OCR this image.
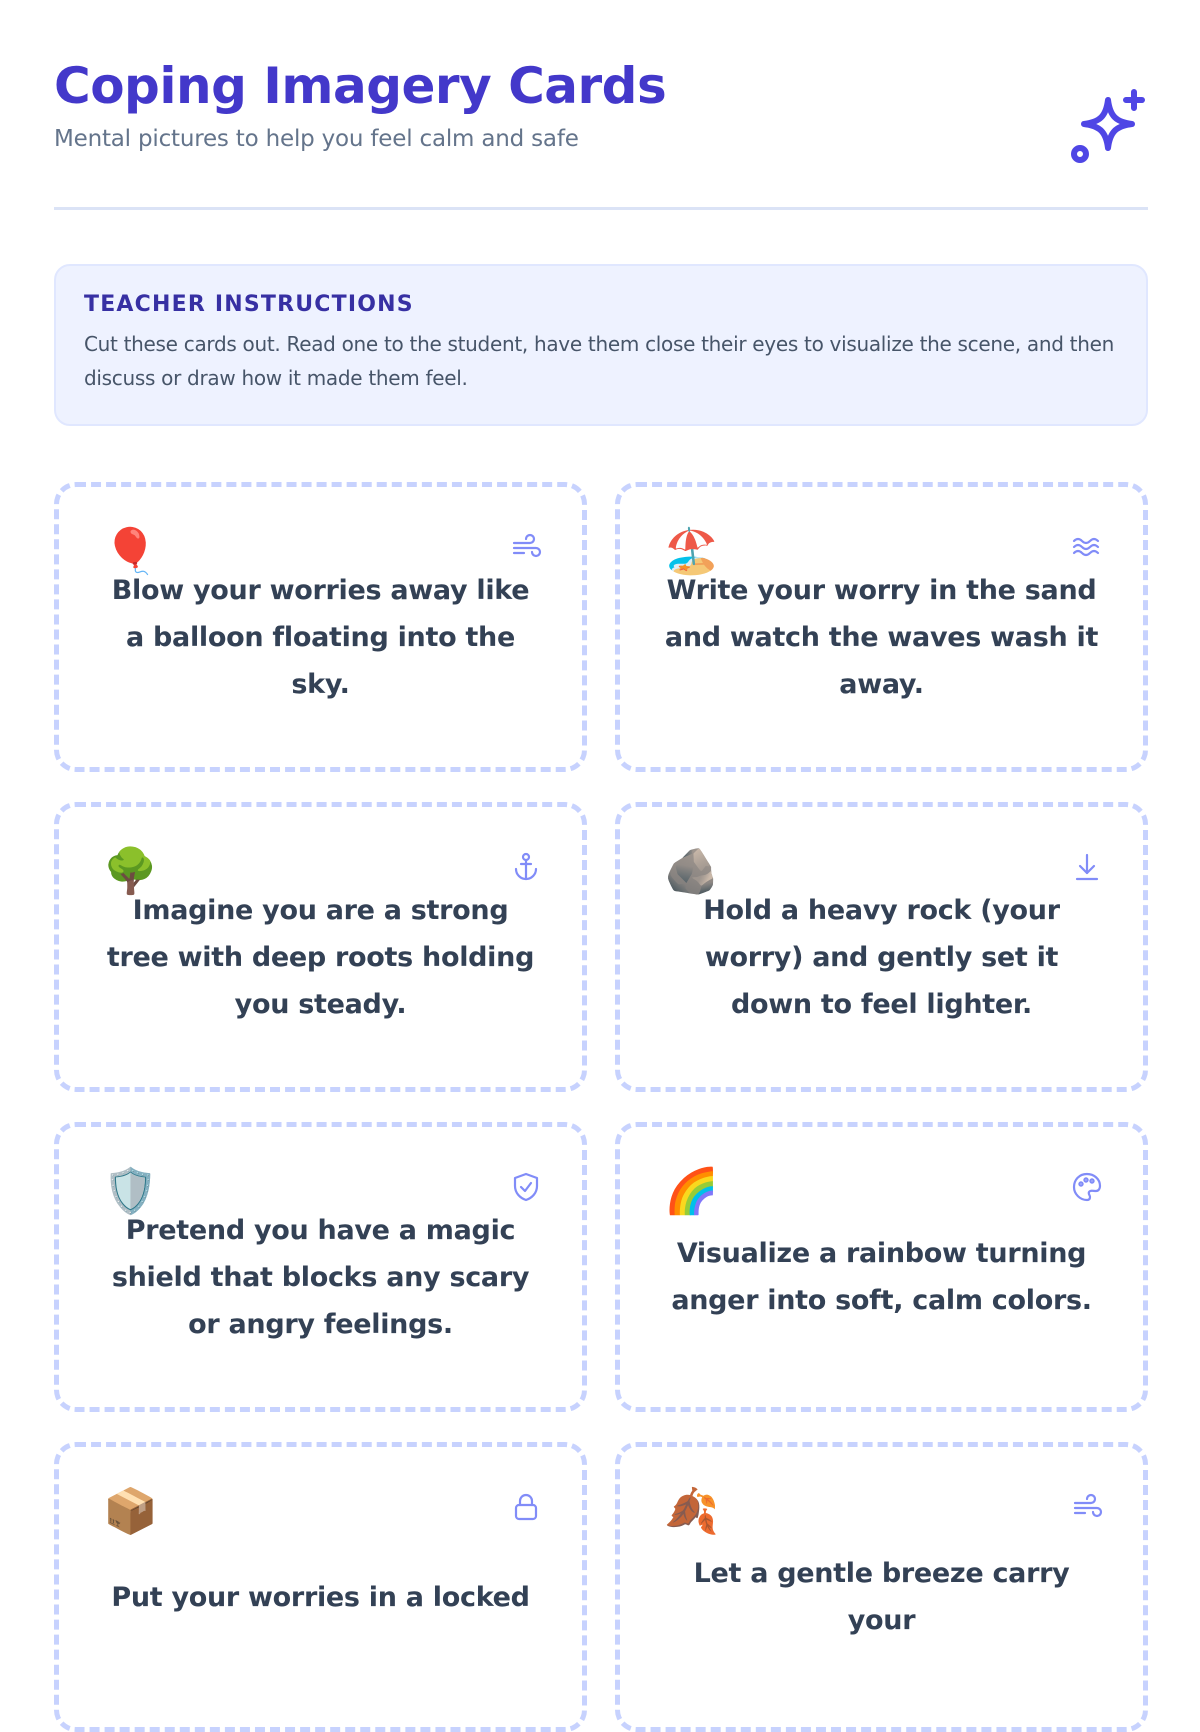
Coping Imagery Cards
Mental pictures to help you feel calm and safe
TEACHER INSTRUCTIONS
Cut these cards out. Read one to the student, have them close their eyes to visualize the scene, and then discuss or draw how it made them feel.
🎈
Blow your worries away like a balloon floating into the sky.
🏖️
Write your worry in the sand and watch the waves wash it away.
🌳
Imagine you are a strong tree with deep roots holding you steady.
🪨
Hold a heavy rock (your worry) and gently set it down to feel lighter.
🛡️
Pretend you have a magic shield that blocks any scary or angry feelings.
🌈
Visualize a rainbow turning anger into soft, calm colors.
📦
Put your worries in a locked
🍂
Let a gentle breeze carry your
